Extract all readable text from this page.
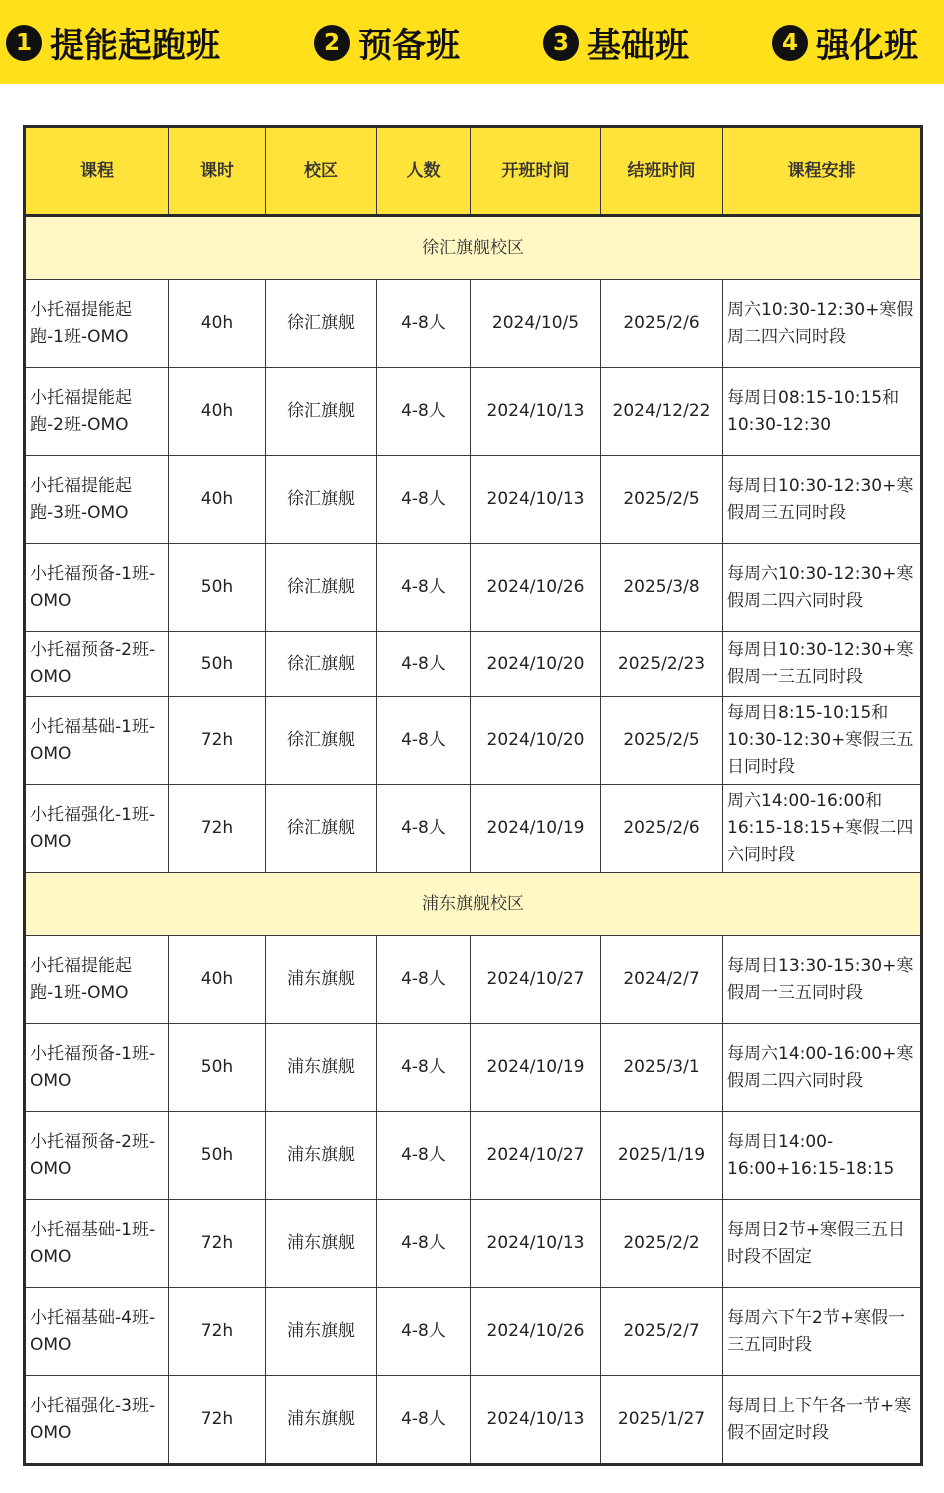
1 提能起跑班	2 预备班	3 基础班	4 强化班
课程	课时	校区	人数	开班时间	结班时间	课程安排
徐汇旗舰校区						
小托福提能起跑-1班-OMO	40h	徐汇旗舰	4-8人	2024/10/5	2025/2/6	周六10:30-12:30+寒假周二四六同时段
小托福提能起跑-2班-OMO	40h	徐汇旗舰	4-8人	2024/10/13	2024/12/22	每周日08:15-10:15和10:30-12:30
小托福提能起跑-3班-OMO	40h	徐汇旗舰	4-8人	2024/10/13	2025/2/5	每周日10:30-12:30+寒假周三五同时段
小托福预备-1班-OMO	50h	徐汇旗舰	4-8人	2024/10/26	2025/3/8	每周六10:30-12:30+寒假周二四六同时段
小托福预备-2班-OMO	50h	徐汇旗舰	4-8人	2024/10/20	2025/2/23	每周日10:30-12:30+寒假周一三五同时段
小托福基础-1班-OMO	72h	徐汇旗舰	4-8人	2024/10/20	2025/2/5	每周日8:15-10:15和10:30-12:30+寒假三五日同时段
小托福强化-1班-OMO	72h	徐汇旗舰	4-8人	2024/10/19	2025/2/6	周六14:00-16:00和16:15-18:15+寒假二四六同时段
浦东旗舰校区						
小托福提能起跑-1班-OMO	40h	浦东旗舰	4-8人	2024/10/27	2024/2/7	每周日13:30-15:30+寒假周一三五同时段
小托福预备-1班-OMO	50h	浦东旗舰	4-8人	2024/10/19	2025/3/1	每周六14:00-16:00+寒假周二四六同时段
小托福预备-2班-OMO	50h	浦东旗舰	4-8人	2024/10/27	2025/1/19	每周日14:00-16:00+16:15-18:15
小托福基础-1班-OMO	72h	浦东旗舰	4-8人	2024/10/13	2025/2/2	每周日2节+寒假三五日时段不固定
小托福基础-4班-OMO	72h	浦东旗舰	4-8人	2024/10/26	2025/2/7	每周六下午2节+寒假一三五同时段
小托福强化-3班-OMO	72h	浦东旗舰	4-8人	2024/10/13	2025/1/27	每周日上下午各一节+寒假不固定时段
